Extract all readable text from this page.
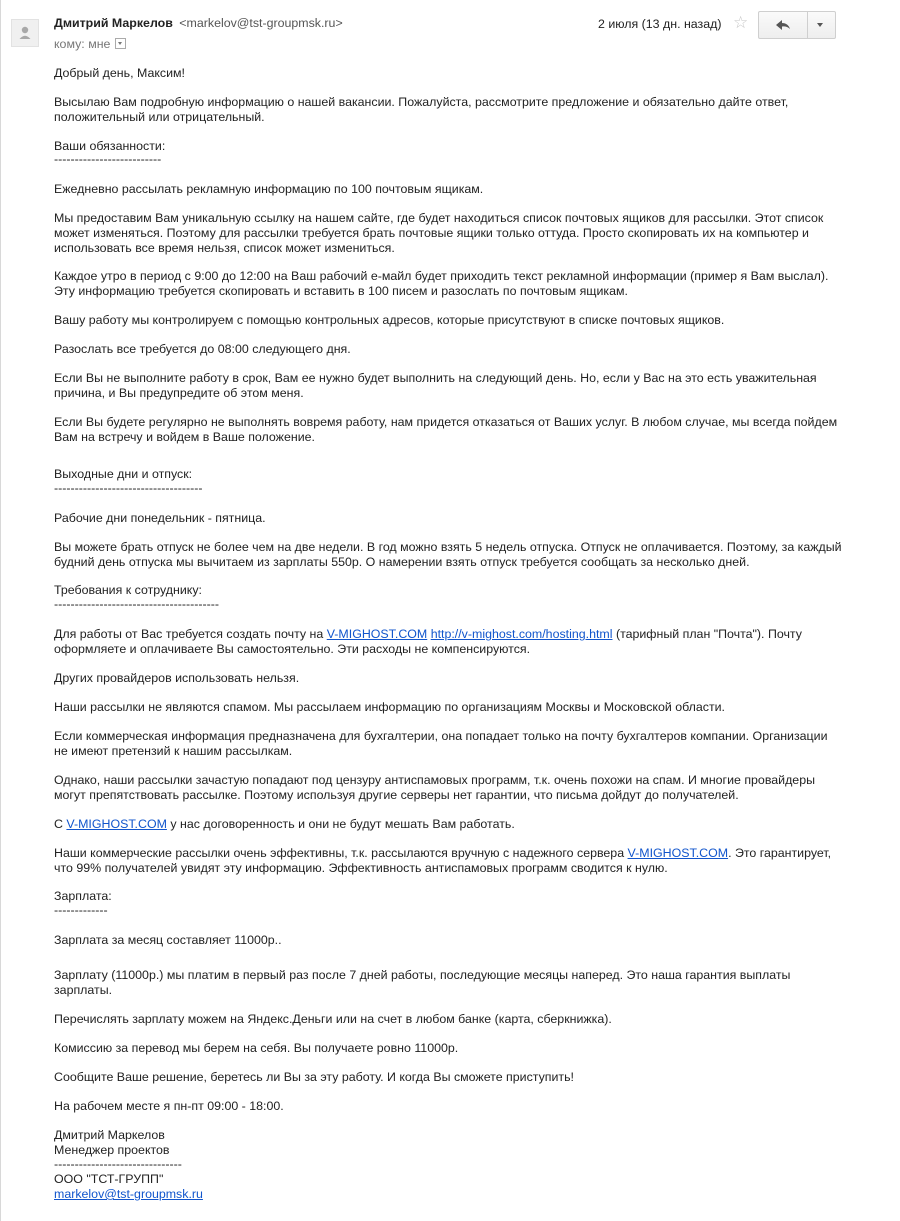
Дмитрий Маркелов <markelov@tst-groupmsk.ru>
кому: мне
2 июля (13 дн. назад) ☆

Добрый день, Максим!

Высылаю Вам подробную информацию о нашей вакансии. Пожалуйста, рассмотрите предложение и обязательно дайте ответ, положительный или отрицательный.

Ваши обязанности:

--------------------------

Ежедневно рассылать рекламную информацию по 100 почтовым ящикам.

Мы предоставим Вам уникальную ссылку на нашем сайте, где будет находиться список почтовых ящиков для рассылки. Этот список может изменяться. Поэтому для рассылки требуется брать почтовые ящики только оттуда. Просто скопировать их на компьютер и использовать все время нельзя, список может измениться.

Каждое утро в период с 9:00 до 12:00 на Ваш рабочий е-майл будет приходить текст рекламной информации (пример я Вам выслал). Эту информацию требуется скопировать и вставить в 100 писем и разослать по почтовым ящикам.

Вашу работу мы контролируем с помощью контрольных адресов, которые присутствуют в списке почтовых ящиков.

Разослать все требуется до 08:00 следующего дня.

Если Вы не выполните работу в срок, Вам ее нужно будет выполнить на следующий день. Но, если у Вас на это есть уважительная причина, и Вы предупредите об этом меня.

Если Вы будете регулярно не выполнять вовремя работу, нам придется отказаться от Ваших услуг. В любом случае, мы всегда пойдем Вам на встречу и войдем в Ваше положение.

Выходные дни и отпуск:

------------------------------------

Рабочие дни понедельник - пятница.

Вы можете брать отпуск не более чем на две недели. В год можно взять 5 недель отпуска. Отпуск не оплачивается. Поэтому, за каждый будний день отпуска мы вычитаем из зарплаты 550р. О намерении взять отпуск требуется сообщать за несколько дней.

Требования к сотруднику:

----------------------------------------

Для работы от Вас требуется создать почту на V-MIGHOST.COM http://v-mighost.com/hosting.html (тарифный план "Почта"). Почту оформляете и оплачиваете Вы самостоятельно. Эти расходы не компенсируются.

Других провайдеров использовать нельзя.

Наши рассылки не являются спамом. Мы рассылаем информацию по организациям Москвы и Московской области.

Если коммерческая информация предназначена для бухгалтерии, она попадает только на почту бухгалтеров компании. Организации не имеют претензий к нашим рассылкам.

Однако, наши рассылки зачастую попадают под цензуру антиспамовых программ, т.к. очень похожи на спам. И многие провайдеры могут препятствовать рассылке. Поэтому используя другие серверы нет гарантии, что письма дойдут до получателей.

С V-MIGHOST.COM у нас договоренность и они не будут мешать Вам работать.

Наши коммерческие рассылки очень эффективны, т.к. рассылаются вручную с надежного сервера V-MIGHOST.COM. Это гарантирует, что 99% получателей увидят эту информацию. Эффективность антиспамовых программ сводится к нулю.

Зарплата:

-------------

Зарплата за месяц составляет 11000р..

Зарплату (11000р.) мы платим в первый раз после 7 дней работы, последующие месяцы наперед. Это наша гарантия выплаты зарплаты.

Перечислять зарплату можем на Яндекс.Деньги или на счет в любом банке (карта, сберкнижка).

Комиссию за перевод мы берем на себя. Вы получаете ровно 11000р.

Сообщите Ваше решение, беретесь ли Вы за эту работу. И когда Вы сможете приступить!

На рабочем месте я пн-пт 09:00 - 18:00.

Дмитрий Маркелов

Менеджер проектов

-------------------------------

ООО "ТСТ-ГРУПП"

markelov@tst-groupmsk.ru
